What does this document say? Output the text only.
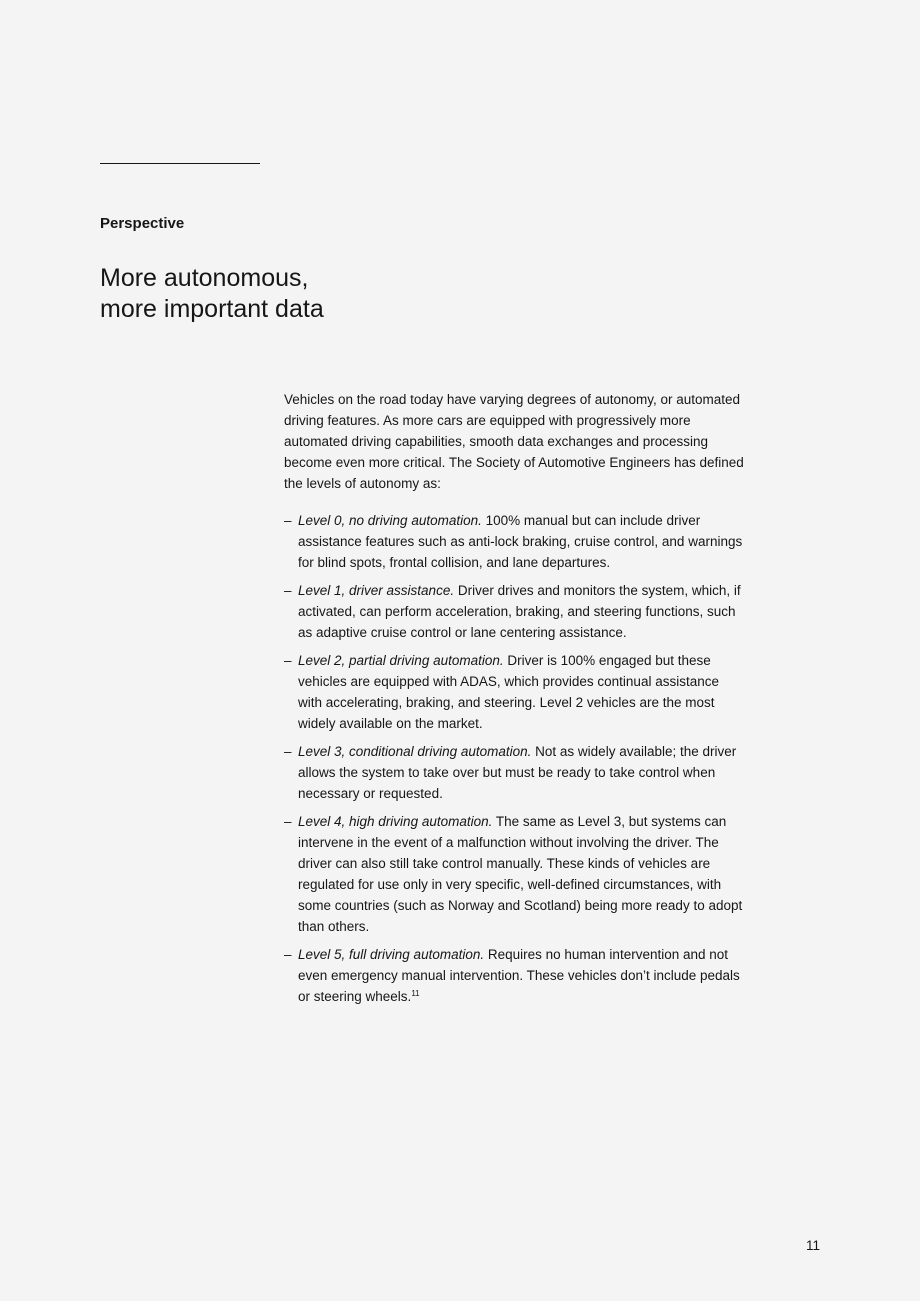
Perspective
More autonomous,
more important data

Vehicles on the road today have varying degrees of autonomy, or automated driving features. As more cars are equipped with progressively more automated driving capabilities, smooth data exchanges and processing become even more critical. The Society of Automotive Engineers has defined the levels of autonomy as:

– Level 0, no driving automation. 100% manual but can include driver assistance features such as anti-lock braking, cruise control, and warnings for blind spots, frontal collision, and lane departures.
– Level 1, driver assistance. Driver drives and monitors the system, which, if activated, can perform acceleration, braking, and steering functions, such as adaptive cruise control or lane centering assistance.
– Level 2, partial driving automation. Driver is 100% engaged but these vehicles are equipped with ADAS, which provides continual assistance with accelerating, braking, and steering. Level 2 vehicles are the most widely available on the market.
– Level 3, conditional driving automation. Not as widely available; the driver allows the system to take over but must be ready to take control when necessary or requested.
– Level 4, high driving automation. The same as Level 3, but systems can intervene in the event of a malfunction without involving the driver. The driver can also still take control manually. These kinds of vehicles are regulated for use only in very specific, well-defined circumstances, with some countries (such as Norway and Scotland) being more ready to adopt than others.
– Level 5, full driving automation. Requires no human intervention and not even emergency manual intervention. These vehicles don’t include pedals or steering wheels.$^{11}$
11
